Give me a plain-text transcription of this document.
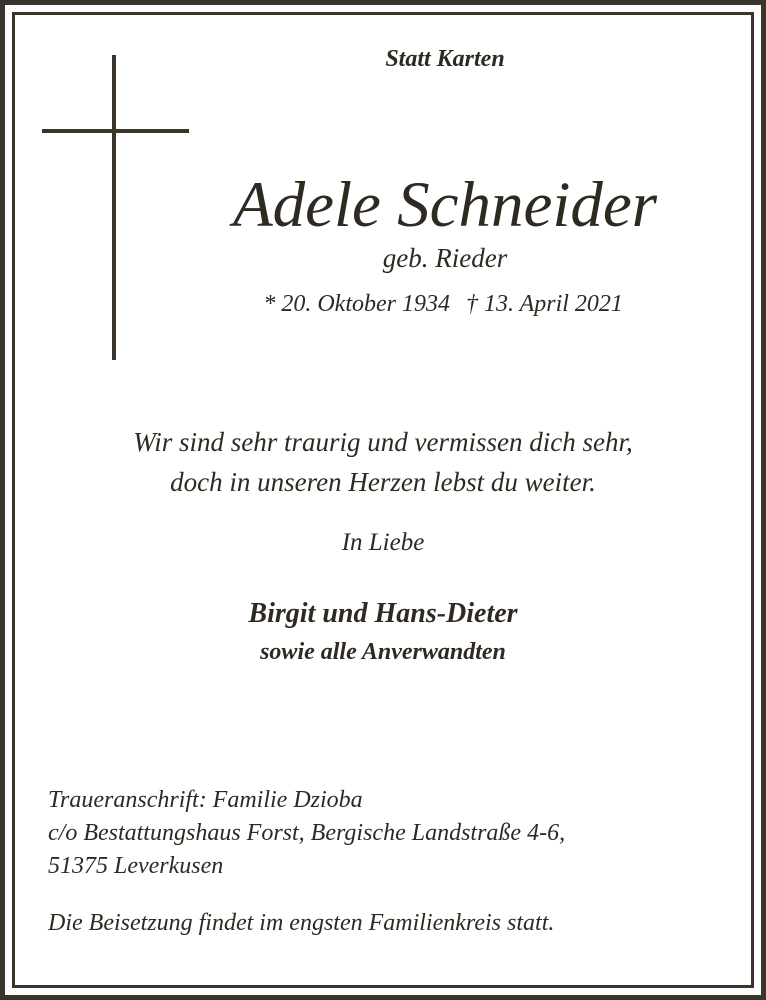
Statt Karten
Adele Schneider
geb. Rieder
* 20. Oktober 1934 † 13. April 2021
Wir sind sehr traurig und vermissen dich sehr,
doch in unseren Herzen lebst du weiter.
In Liebe
Birgit und Hans-Dieter
sowie alle Anverwandten
Traueranschrift: Familie Dzioba
c/o Bestattungshaus Forst, Bergische Landstraße 4-6,
51375 Leverkusen
Die Beisetzung findet im engsten Familienkreis statt.
